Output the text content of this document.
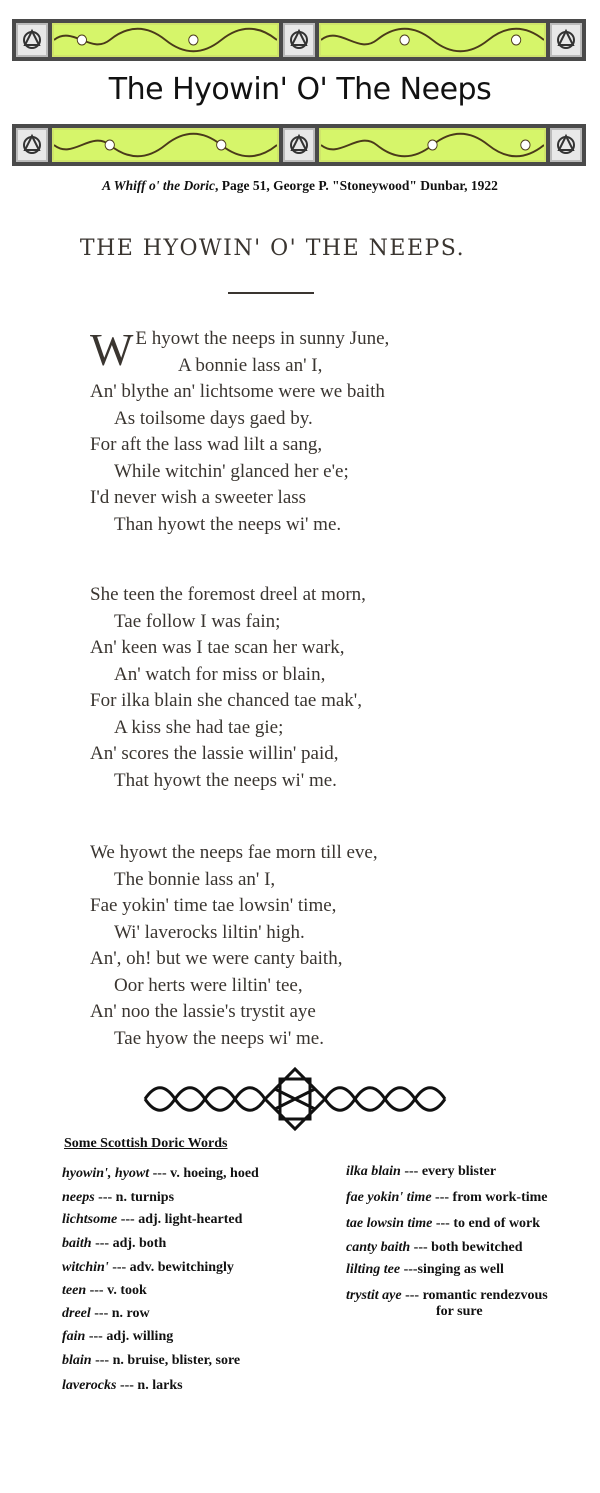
The Hyowin' O' The Neeps
A Whiff o' the Doric, Page 51, George P. "Stoneywood" Dunbar, 1922
THE HYOWIN' O' THE NEEPS.
W E hyowt the neeps in sunny June,
A bonnie lass an' I,
An' blythe an' lichtsome were we baith
As toilsome days gaed by.
For aft the lass wad lilt a sang,
While witchin' glanced her e'e;
I'd never wish a sweeter lass
Than hyowt the neeps wi' me.
She teen the foremost dreel at morn,
Tae follow I was fain;
An' keen was I tae scan her wark,
An' watch for miss or blain,
For ilka blain she chanced tae mak',
A kiss she had tae gie;
An' scores the lassie willin' paid,
That hyowt the neeps wi' me.
We hyowt the neeps fae morn till eve,
The bonnie lass an' I,
Fae yokin' time tae lowsin' time,
Wi' laverocks liltin' high.
An', oh! but we were canty baith,
Oor herts were liltin' tee,
An' noo the lassie's trystit aye
Tae hyow the neeps wi' me.
Some Scottish Doric Words
hyowin', hyowt --- v. hoeing, hoed
neeps --- n. turnips
lichtsome --- adj. light-hearted
baith --- adj. both
witchin' --- adv. bewitchingly
teen --- v. took
dreel --- n. row
fain --- adj. willing
blain --- n. bruise, blister, sore
laverocks --- n. larks
ilka blain --- every blister
fae yokin' time --- from work-time
tae lowsin time --- to end of work
canty baith --- both bewitched
lilting tee ---singing as well
trystit aye --- romantic rendezvous
for sure
